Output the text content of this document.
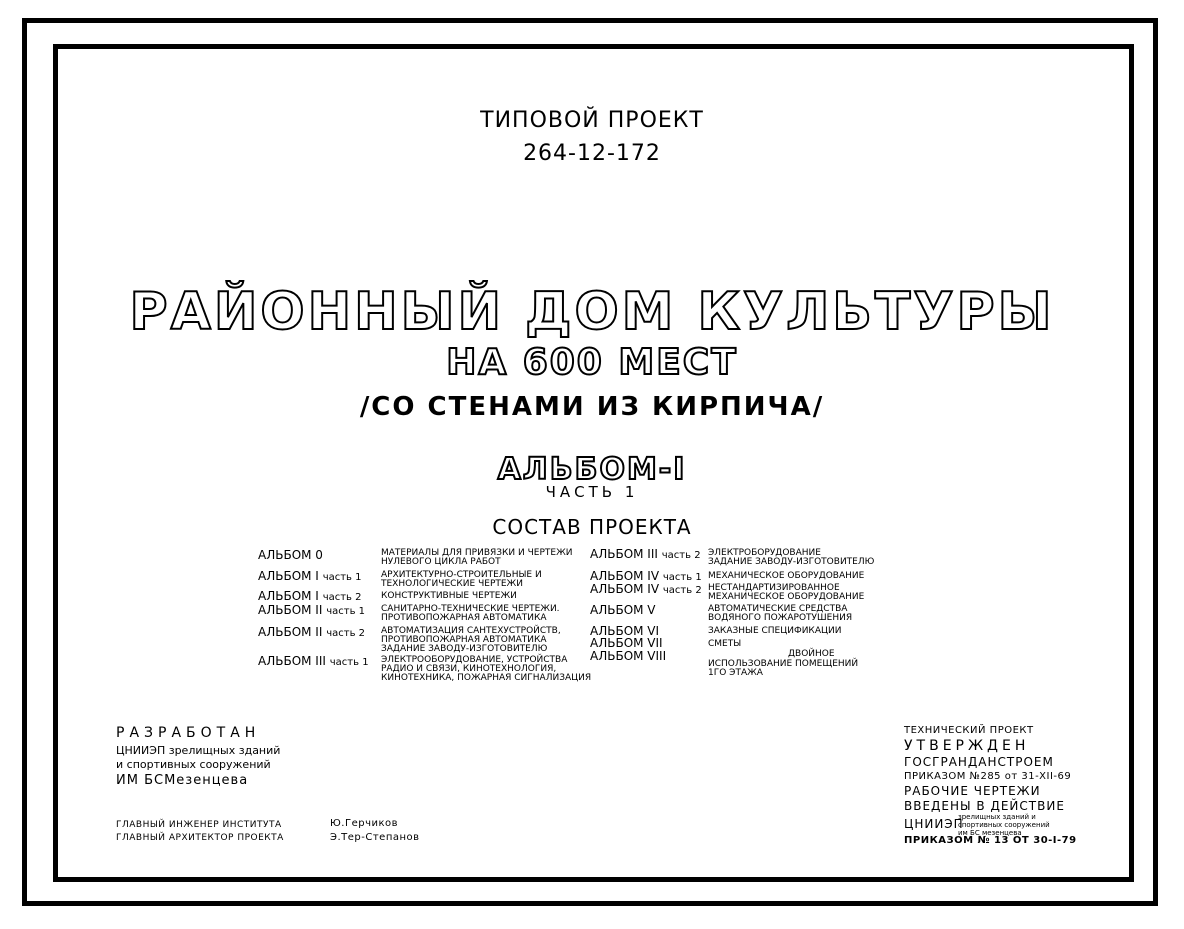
ТИПОВОЙ ПРОЕКТ
264-12-172
РАЙОННЫЙ ДОМ КУЛЬТУРЫ
НА 600 МЕСТ
/СО СТЕНАМИ ИЗ КИРПИЧА/
АЛЬБОМ-I
ЧАСТЬ 1
СОСТАВ ПРОЕКТА
АЛЬБОМ 0	МАТЕРИАЛЫ ДЛЯ ПРИВЯЗКИ И ЧЕРТЕЖИ
НУЛЕВОГО ЦИКЛА РАБОТ
АЛЬБОМ I часть 1 АРХИТЕКТУРНО-СТРОИТЕЛЬНЫЕ И
ТЕХНОЛОГИЧЕСКИЕ ЧЕРТЕЖИ
АЛЬБОМ I часть 2 КОНСТРУКТИВНЫЕ ЧЕРТЕЖИ
АЛЬБОМ II часть 1 САНИТАРНО-ТЕХНИЧЕСКИЕ ЧЕРТЕЖИ.
ПРОТИВОПОЖАРНАЯ АВТОМАТИКА
АЛЬБОМ II часть 2 АВТОМАТИЗАЦИЯ САНТЕХУСТРОЙСТВ,
ПРОТИВОПОЖАРНАЯ АВТОМАТИКА
ЗАДАНИЕ ЗАВОДУ-ИЗГОТОВИТЕЛЮ
АЛЬБОМ III часть 1 ЭЛЕКТРООБОРУДОВАНИЕ, УСТРОЙСТВА
РАДИО И СВЯЗИ, КИНОТЕХНОЛОГИЯ,
КИНОТЕХНИКА, ПОЖАРНАЯ СИГНАЛИЗАЦИЯ
АЛЬБОМ III часть 2 ЭЛЕКТРОБОРУДОВАНИЕ
ЗАДАНИЕ ЗАВОДУ-ИЗГОТОВИТЕЛЮ
АЛЬБОМ IV часть 1 МЕХАНИЧЕСКОЕ ОБОРУДОВАНИЕ
АЛЬБОМ IV часть 2 НЕСТАНДАРТИЗИРОВАННОЕ
МЕХАНИЧЕСКОЕ ОБОРУДОВАНИЕ
АЛЬБОМ V	АВТОМАТИЧЕСКИЕ СРЕДСТВА
ВОДЯНОГО ПОЖАРОТУШЕНИЯ
АЛЬБОМ VI	ЗАКАЗНЫЕ СПЕЦИФИКАЦИИ
АЛЬБОМ VII	СМЕТЫ
АЛЬБОМ VIII	ДВОЙНОЕ
ИСПОЛЬЗОВАНИЕ ПОМЕЩЕНИЙ
1ГО ЭТАЖА
РАЗРАБОТАН
ЦНИИЭП зрелищных зданий
и спортивных сооружений
ИМ БСМезенцева
ГЛАВНЫЙ ИНЖЕНЕР ИНСТИТУТА
ГЛАВНЫЙ АРХИТЕКТОР ПРОЕКТА
Ю.Герчиков
Э.Тер-Степанов
ТЕХНИЧЕСКИЙ ПРОЕКТ
УТВЕРЖДЕН
ГОСГРАНДАНСТРОЕМ
ПРИКАЗОМ №285 от 31-XII-69
РАБОЧИЕ ЧЕРТЕЖИ
ВВЕДЕНЫ В ДЕЙСТВИЕ
ЦНИИЭП
зрелищных зданий и
спортивных сооружений
им БС мезенцева
ПРИКАЗОМ № 13 ОТ 30-I-79
